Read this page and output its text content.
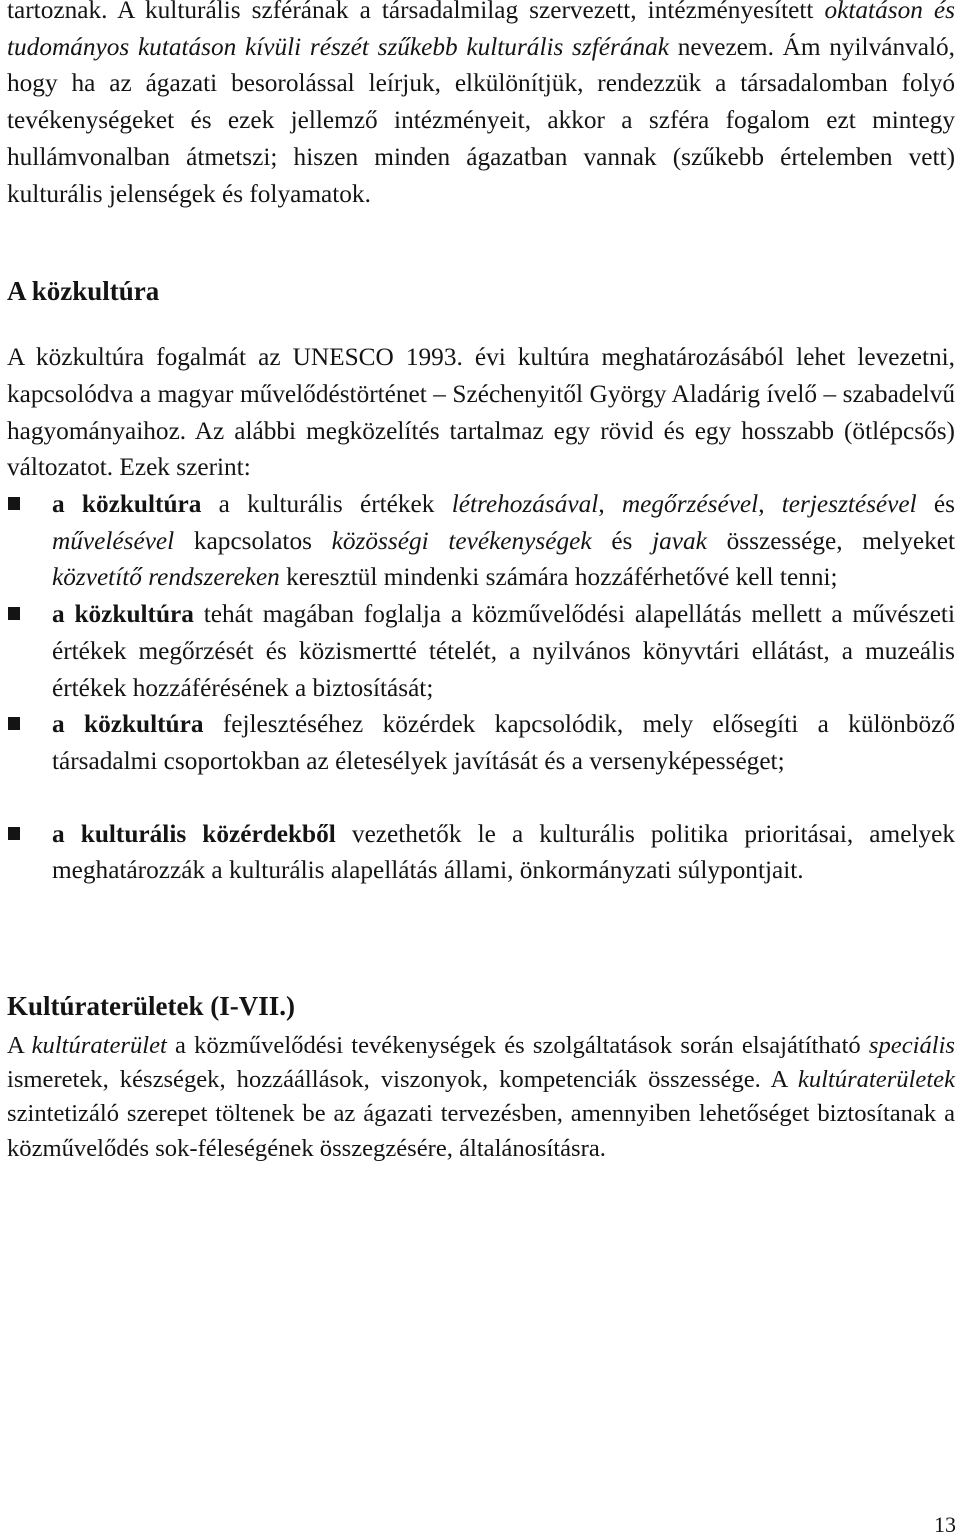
tartoznak. A kulturális szférának a társadalmilag szervezett, intézményesített oktatáson és tudományos kutatáson kívüli részét szűkebb kulturális szférának nevezem. Ám nyilvánvaló, hogy ha az ágazati besorolással leírjuk, elkülönítjük, rendezzük a társadalomban folyó tevékenységeket és ezek jellemző intézményeit, akkor a szféra fogalom ezt mintegy hullámvonalban átmetszi; hiszen minden ágazatban vannak (szűkebb értelemben vett) kulturális jelenségek és folyamatok.

A közkultúra

A közkultúra fogalmát az UNESCO 1993. évi kultúra meghatározásából lehet levezetni, kapcsolódva a magyar művelődéstörténet – Széchenyitől György Aladárig ívelő – szabadelvű hagyományaihoz. Az alábbi megközelítés tartalmaz egy rövid és egy hosszabb (ötlépcsős) változatot. Ezek szerint:

a közkultúra a kulturális értékek létrehozásával, megőrzésével, terjesztésével és művelésével kapcsolatos közösségi tevékenységek és javak összessége, melyeket közvetítő rendszereken keresztül mindenki számára hozzáférhetővé kell tenni;
a közkultúra tehát magában foglalja a közművelődési alapellátás mellett a művészeti értékek megőrzését és közismertté tételét, a nyilvános könyvtári ellátást, a muzeális értékek hozzáférésének a biztosítását;
a közkultúra fejlesztéséhez közérdek kapcsolódik, mely elősegíti a különböző társadalmi csoportokban az életesélyek javítását és a versenyképességet;
a kulturális közérdekből vezethetők le a kulturális politika prioritásai, amelyek meghatározzák a kulturális alapellátás állami, önkormányzati súlypontjait.
Kultúraterületek (I-VII.)

A kultúraterület a közművelődési tevékenységek és szolgáltatások során elsajátítható speciális ismeretek, készségek, hozzáállások, viszonyok, kompetenciák összessége. A kultúraterületek szintetizáló szerepet töltenek be az ágazati tervezésben, amennyiben lehetőséget biztosítanak a közművelődés sok-féleségének összegzésére, általánosításra.

13
